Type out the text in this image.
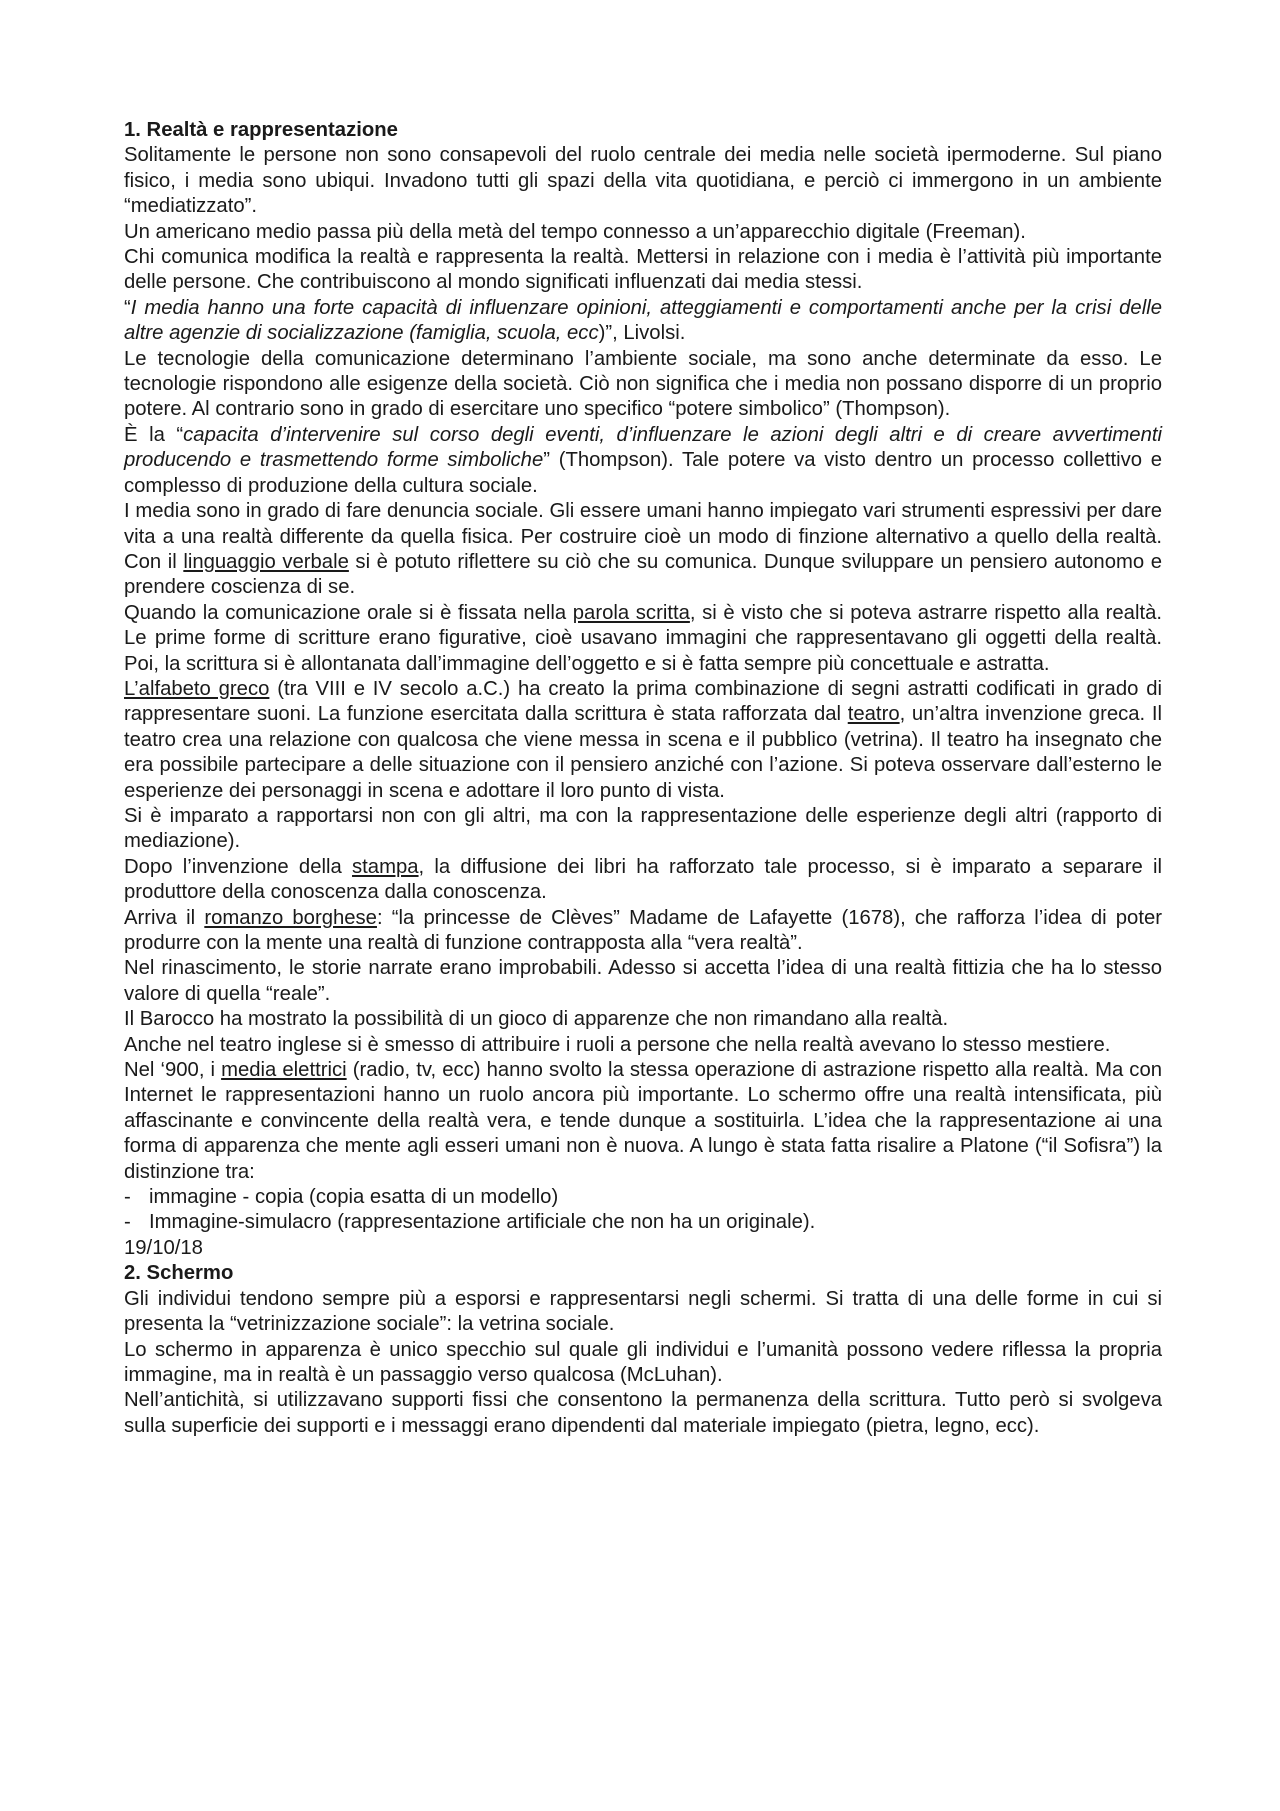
1. Realtà e rappresentazione

Solitamente le persone non sono consapevoli del ruolo centrale dei media nelle società ipermoderne. Sul piano fisico, i media sono ubiqui. Invadono tutti gli spazi della vita quotidiana, e perciò ci immergono in un ambiente “mediatizzato”.

Un americano medio passa più della metà del tempo connesso a un’apparecchio digitale (Freeman).

Chi comunica modifica la realtà e rappresenta la realtà. Mettersi in relazione con i media è l’attività più importante delle persone. Che contribuiscono al mondo significati influenzati dai media stessi.

“I media hanno una forte capacità di influenzare opinioni, atteggiamenti e comportamenti anche per la crisi delle altre agenzie di socializzazione (famiglia, scuola, ecc)”, Livolsi.

Le tecnologie della comunicazione determinano l’ambiente sociale, ma sono anche determinate da esso. Le tecnologie rispondono alle esigenze della società. Ciò non significa che i media non possano disporre di un proprio potere. Al contrario sono in grado di esercitare uno specifico “potere simbolico” (Thompson).

È la “capacita d’intervenire sul corso degli eventi, d’influenzare le azioni degli altri e di creare avvertimenti producendo e trasmettendo forme simboliche” (Thompson). Tale potere va visto dentro un processo collettivo e complesso di produzione della cultura sociale.

I media sono in grado di fare denuncia sociale. Gli essere umani hanno impiegato vari strumenti espressivi per dare vita a una realtà differente da quella fisica. Per costruire cioè un modo di finzione alternativo a quello della realtà. Con il linguaggio verbale si è potuto riflettere su ciò che su comunica. Dunque sviluppare un pensiero autonomo e prendere coscienza di se.

Quando la comunicazione orale si è fissata nella parola scritta, si è visto che si poteva astrarre rispetto alla realtà. Le prime forme di scritture erano figurative, cioè usavano immagini che rappresentavano gli oggetti della realtà. Poi, la scrittura si è allontanata dall’immagine dell’oggetto e si è fatta sempre più concettuale e astratta.

L’alfabeto greco (tra VIII e IV secolo a.C.) ha creato la prima combinazione di segni astratti codificati in grado di rappresentare suoni. La funzione esercitata dalla scrittura è stata rafforzata dal teatro, un’altra invenzione greca. Il teatro crea una relazione con qualcosa che viene messa in scena e il pubblico (vetrina). Il teatro ha insegnato che era possibile partecipare a delle situazione con il pensiero anziché con l’azione. Si poteva osservare dall’esterno le esperienze dei personaggi in scena e adottare il loro punto di vista.

Si è imparato a rapportarsi non con gli altri, ma con la rappresentazione delle esperienze degli altri (rapporto di mediazione).

Dopo l’invenzione della stampa, la diffusione dei libri ha rafforzato tale processo, si è imparato a separare il produttore della conoscenza dalla conoscenza.

Arriva il romanzo borghese: “la princesse de Clèves” Madame de Lafayette (1678), che rafforza l’idea di poter produrre con la mente una realtà di funzione contrapposta alla “vera realtà”.

Nel rinascimento, le storie narrate erano improbabili. Adesso si accetta l’idea di una realtà fittizia che ha lo stesso valore di quella “reale”.

Il Barocco ha mostrato la possibilità di un gioco di apparenze che non rimandano alla realtà.

Anche nel teatro inglese si è smesso di attribuire i ruoli a persone che nella realtà avevano lo stesso mestiere.

Nel ‘900, i media elettrici (radio, tv, ecc) hanno svolto la stessa operazione di astrazione rispetto alla realtà. Ma con Internet le rappresentazioni hanno un ruolo ancora più importante. Lo schermo offre una realtà intensificata, più affascinante e convincente della realtà vera, e tende dunque a sostituirla. L’idea che la rappresentazione ai una forma di apparenza che mente agli esseri umani non è nuova. A lungo è stata fatta risalire a Platone (“il Sofisra”) la distinzione tra:

- immagine - copia (copia esatta di un modello)
- Immagine-simulacro (rappresentazione artificiale che non ha un originale).

19/10/18

2. Schermo

Gli individui tendono sempre più a esporsi e rappresentarsi negli schermi. Si tratta di una delle forme in cui si presenta la “vetrinizzazione sociale”: la vetrina sociale.

Lo schermo in apparenza è unico specchio sul quale gli individui e l’umanità possono vedere riflessa la propria immagine, ma in realtà è un passaggio verso qualcosa (McLuhan).

Nell’antichità, si utilizzavano supporti fissi che consentono la permanenza della scrittura. Tutto però si svolgeva sulla superficie dei supporti e i messaggi erano dipendenti dal materiale impiegato (pietra, legno, ecc).
